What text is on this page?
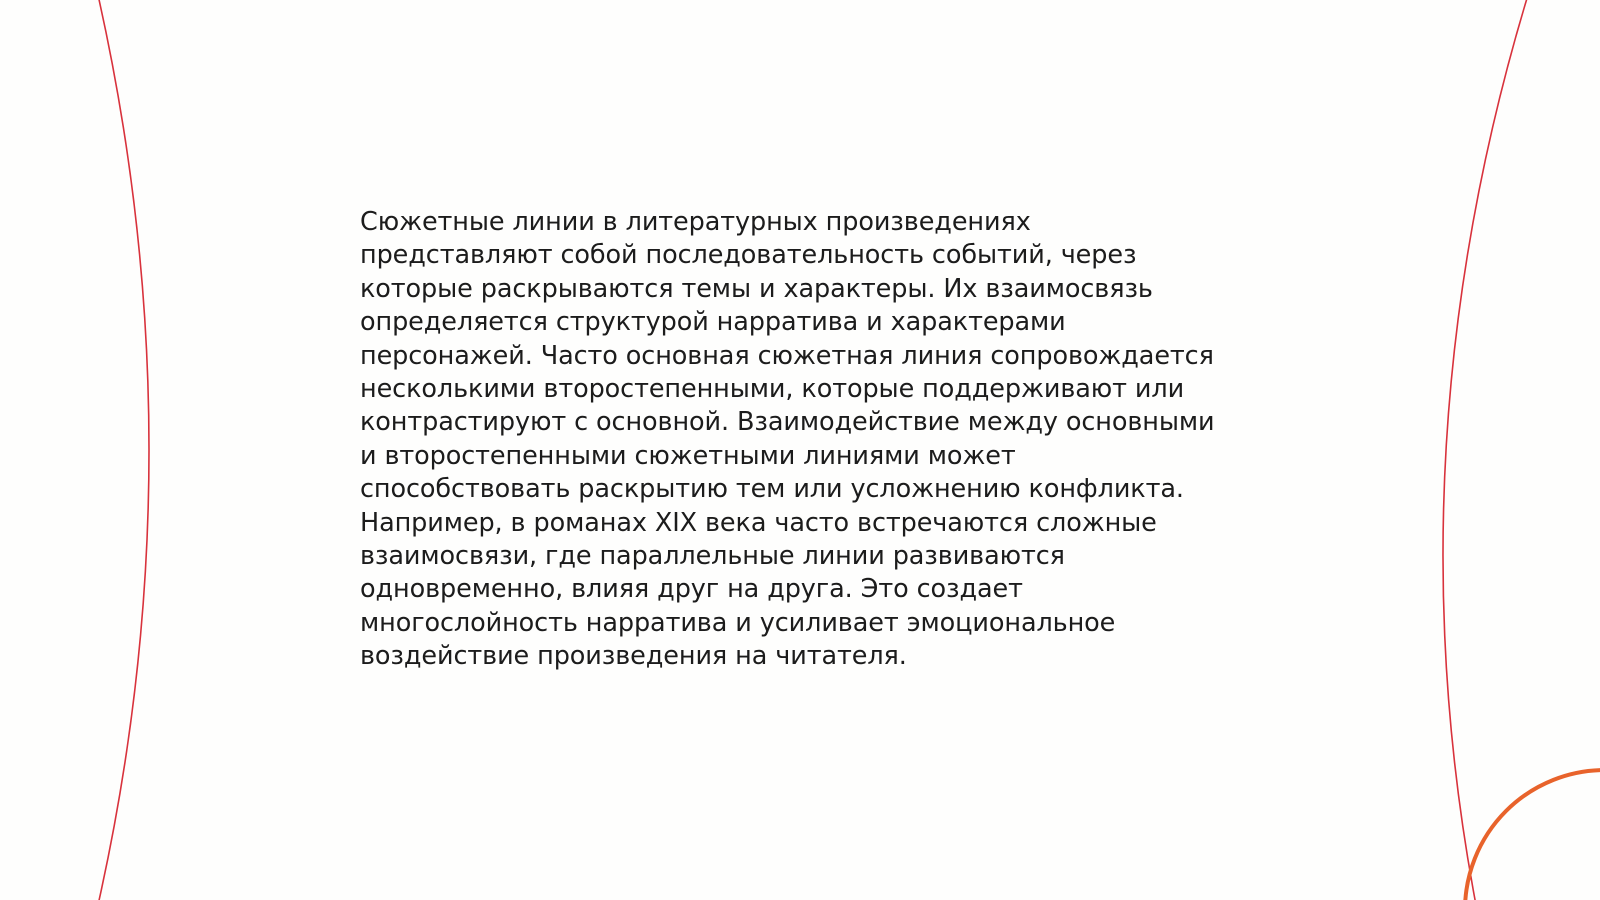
Сюжетные линии в литературных произведениях
представляют собой последовательность событий, через
которые раскрываются темы и характеры. Их взаимосвязь
определяется структурой нарратива и характерами
персонажей. Часто основная сюжетная линия сопровождается
несколькими второстепенными, которые поддерживают или
контрастируют с основной. Взаимодействие между основными
и второстепенными сюжетными линиями может
способствовать раскрытию тем или усложнению конфликта.
Например, в романах XIX века часто встречаются сложные
взаимосвязи, где параллельные линии развиваются
одновременно, влияя друг на друга. Это создает
многослойность нарратива и усиливает эмоциональное
воздействие произведения на читателя.
